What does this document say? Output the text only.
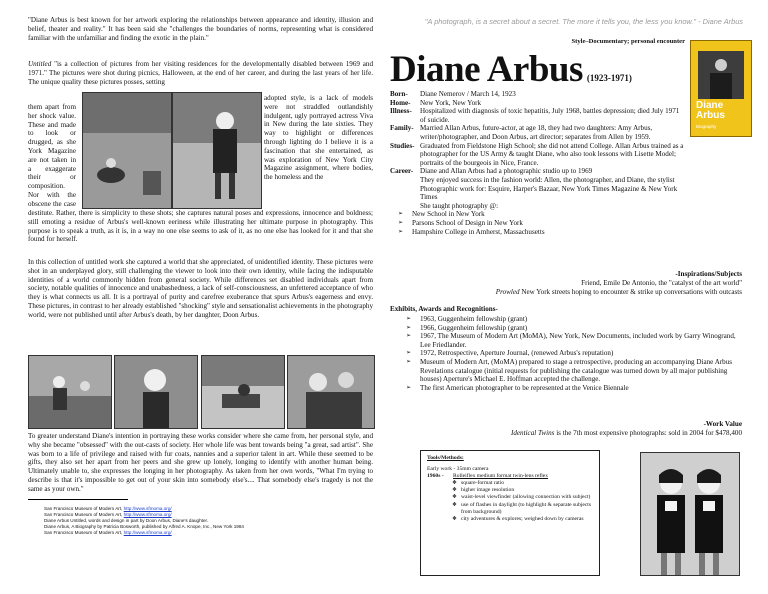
"Diane Arbus is best known for her artwork exploring the relationships between appearance and identity, illusion and belief, theater and reality." It has been said she "challenges the boundaries of norms, representing what is considered familiar with the unfamiliar and finding the exotic in the plain."

Untitled "is a collection of pictures from her visiting residences for the developmentally disabled between 1969 and 1971." The pictures were shot during picnics, Halloween, at the end of her career, and during the last years of her life. The unique quality these pictures posses, setting

them apart from her shock value. These and made to look or drugged, as she York Magazine are not taken in a exaggerate their or composition. Nor with the obscene the case

adopted style, is a lack of models were not straddled outlandishly indulgent, ugly portrayed actress Viva in New during the late sixties. They way to highlight or differences through lighting do I believe it is a fascination that she entertained, as was exploration of New York City Magazine assignment, where bodies, the homeless and the

destitute. Rather, there is simplicity to these shots; she captures natural poses and expressions, innocence and boldness; still emoting a residue of Arbus's well-known eeriness while illustrating her ultimate purpose in photography. This purpose is to speak a truth, as it is, in a way no one else seems to ask of it, as no one else has looked for it and that she found for herself.

In this collection of untitled work she captured a world that she appreciated, of unidentified identity. These pictures were shot in an underplayed glory, still challenging the viewer to look into their own identity, while facing the indisputable identities of a world commonly hidden from general society. While differences set disabled individuals apart from society, notable qualities of innocence and unabashedness, a lack of self-consciousness, an unfettered acceptance of who they is what connects us all. It is a portrayal of purity and carefree exuberance that spurs Arbus's eagerness and envy. These pictures, in contrast to her already established "shocking" style and sensationalist achievements in the photography world, were not published until after Arbus's death, by her daughter, Doon Arbus.

To greater understand Diane's intention in portraying these works consider where she came from, her personal style, and why she became "obsessed" with the out-casts of society. Her whole life was bent towards being "a great, sad artist". She was born to a life of privilege and raised with fur coats, nannies and a superior talent in art. While these seemed to be gifts, they also set her apart from her peers and she grew up lonely, longing to identify with another human being. Ultimately unable to, she expresses the longing in her photography. As taken from her own words, "What I'm trying to describe is that it's impossible to get out of your skin into somebody else's.... That somebody else's tragedy is not the same as your own."

San Francisco Museum of Modern Art, http://www.sfmoma.org/
San Francisco Museum of Modern Art, http://www.sfmoma.org/
Diane Arbus Untitled, words and design in part by Doon Arbus, Diane's daughter.
Diane Arbus, A Biography by Patricia Bosworth, published by Alfred A. Knope, Inc., New York 1984
San Francisco Museum of Modern Art, http://www.sfmoma.org/

"A photograph, is a secret about a secret. The more it tells you, the less you know." - Diane Arbus

Style–Documentary; personal encounter

Diane Arbus (1923-1971)
Diane Arbus
Biography
Born-	Diane Nemerov / March 14, 1923
Home-	New York, New York
Illness-	Hospitalized with diagnosis of toxic hepatitis, July 1968, battles depression; died July 1971 of suicide.
Family- Married Allan Arbus, future-actor, at age 18, they had two daughters: Amy Arbus, writer/photographer, and Doon Arbus, art director; separates from Allen by 1959.
Studies- Graduated from Fieldstone High School; she did not attend College. Allan Arbus trained as a photographer for the US Army & taught Diane, who also took lessons with Lisette Model; portraits of the bourgeois in Nice, France.
Career- Diane and Allan Arbus had a photographic studio up to 1969
They enjoyed success in the fashion world: Allen, the photographer, and Diane, the stylist
Photographic work for: Esquire, Harper's Bazaar, New York Times Magazine & New York Times
She taught photography @:
➢ New School in New York
➢ Parsons School of Design in New York
➢ Hampshire College in Amherst, Massachusetts

-Inspirations/Subjects

Friend, Emile De Antonio, the "catalyst of the art world"

Prowled New York streets hoping to encounter & strike up conversations with outcasts

Exhibits, Awards and Recognitions-

➢ 1963, Guggenheim fellowship (grant)
➢ 1966, Guggenheim fellowship (grant)
➢ 1967, The Museum of Modern Art (MoMA), New York, New Documents, included work by Garry Winogrand, Lee Friedlander.
➢ 1972, Retrospective, Aperture Journal, (renewed Arbus's reputation)
➢ Museum of Modern Art, (MoMA) prepared to stage a retrospective, producing an accompanying Diane Arbus Revelations catalogue (initial requests for publishing the catalogue was turned down by all major publishing houses) Aperture's Michael E. Hoffman accepted the challenge.
➢ The first American photographer to be represented at the Venice Biennale

-Work Value

Identical Twins is the 7th most expensive photographs: sold in 2004 for $478,400

Tools/Methods:
Early work - 35mm camera
1960s -	Rolleiflex medium format twin-lens reflex
❖ square-format ratio
❖ higher image resolution
❖ waist-level viewfinder (allowing connection with subject)
❖ use of flashes in daylight (to highlight & separate subjects from background)
❖ city adventures & explores; weighed down by cameras
